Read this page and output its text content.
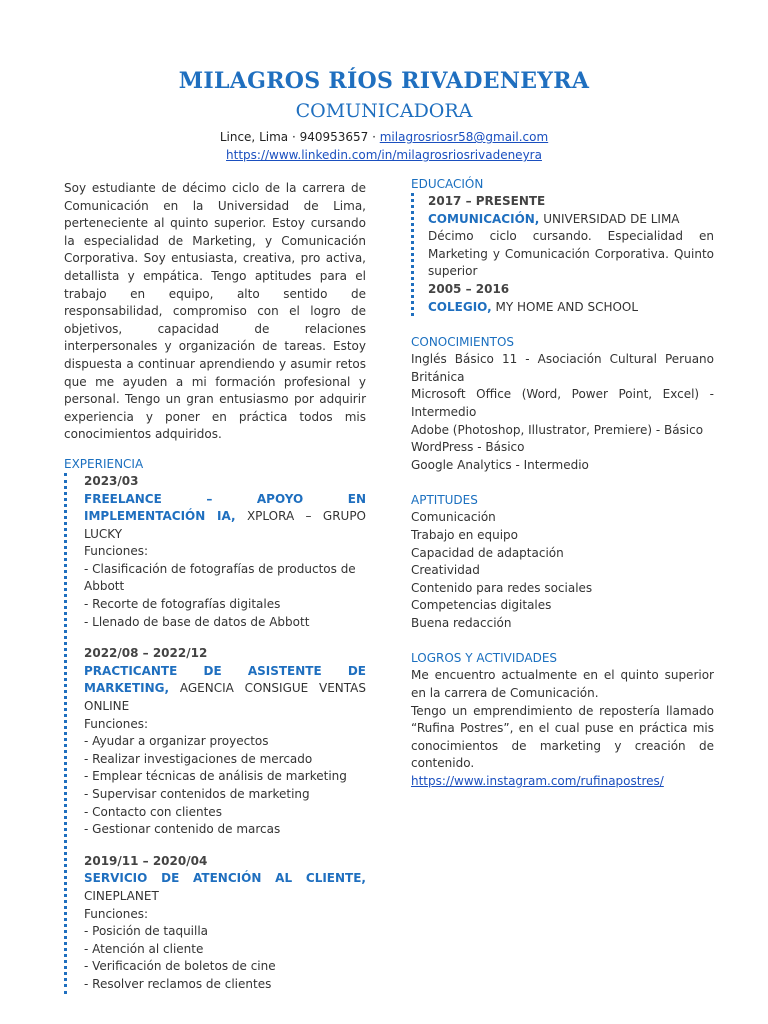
MILAGROS RÍOS RIVADENEYRA
COMUNICADORA
Lince, Lima · 940953657 · milagrosriosr58@gmail.com
https://www.linkedin.com/in/milagrosriosrivadeneyra

Soy estudiante de décimo ciclo de la carrera de Comunicación en la Universidad de Lima, perteneciente al quinto superior. Estoy cursando la especialidad de Marketing, y Comunicación Corporativa. Soy entusiasta, creativa, pro activa, detallista y empática. Tengo aptitudes para el trabajo en equipo, alto sentido de responsabilidad, compromiso con el logro de objetivos, capacidad de relaciones interpersonales y organización de tareas. Estoy dispuesta a continuar aprendiendo y asumir retos que me ayuden a mi formación profesional y personal. Tengo un gran entusiasmo por adquirir experiencia y poner en práctica todos mis conocimientos adquiridos.

EXPERIENCIA
2023/03
FREELANCE – APOYO EN IMPLEMENTACIÓN IA, XPLORA – GRUPO LUCKY
Funciones:
- Clasificación de fotografías de productos de Abbott
- Recorte de fotografías digitales
- Llenado de base de datos de Abbott
2022/08 – 2022/12
PRACTICANTE DE ASISTENTE DE MARKETING, AGENCIA CONSIGUE VENTAS ONLINE
Funciones:
- Ayudar a organizar proyectos
- Realizar investigaciones de mercado
- Emplear técnicas de análisis de marketing
- Supervisar contenidos de marketing
- Contacto con clientes
- Gestionar contenido de marcas
2019/11 – 2020/04
SERVICIO DE ATENCIÓN AL CLIENTE, CINEPLANET
Funciones:
- Posición de taquilla
- Atención al cliente
- Verificación de boletos de cine
- Resolver reclamos de clientes
EDUCACIÓN
2017 – PRESENTE
COMUNICACIÓN, UNIVERSIDAD DE LIMA
Décimo ciclo cursando. Especialidad en Marketing y Comunicación Corporativa. Quinto superior
2005 – 2016
COLEGIO, MY HOME AND SCHOOL
CONOCIMIENTOS
Inglés Básico 11 - Asociación Cultural Peruano Británica
Microsoft Office (Word, Power Point, Excel) - Intermedio
Adobe (Photoshop, Illustrator, Premiere) - Básico
WordPress - Básico
Google Analytics - Intermedio
APTITUDES
Comunicación
Trabajo en equipo
Capacidad de adaptación
Creatividad
Contenido para redes sociales
Competencias digitales
Buena redacción
LOGROS Y ACTIVIDADES
Me encuentro actualmente en el quinto superior en la carrera de Comunicación.
Tengo un emprendimiento de repostería llamado “Rufina Postres”, en el cual puse en práctica mis conocimientos de marketing y creación de contenido.
https://www.instagram.com/rufinapostres/
